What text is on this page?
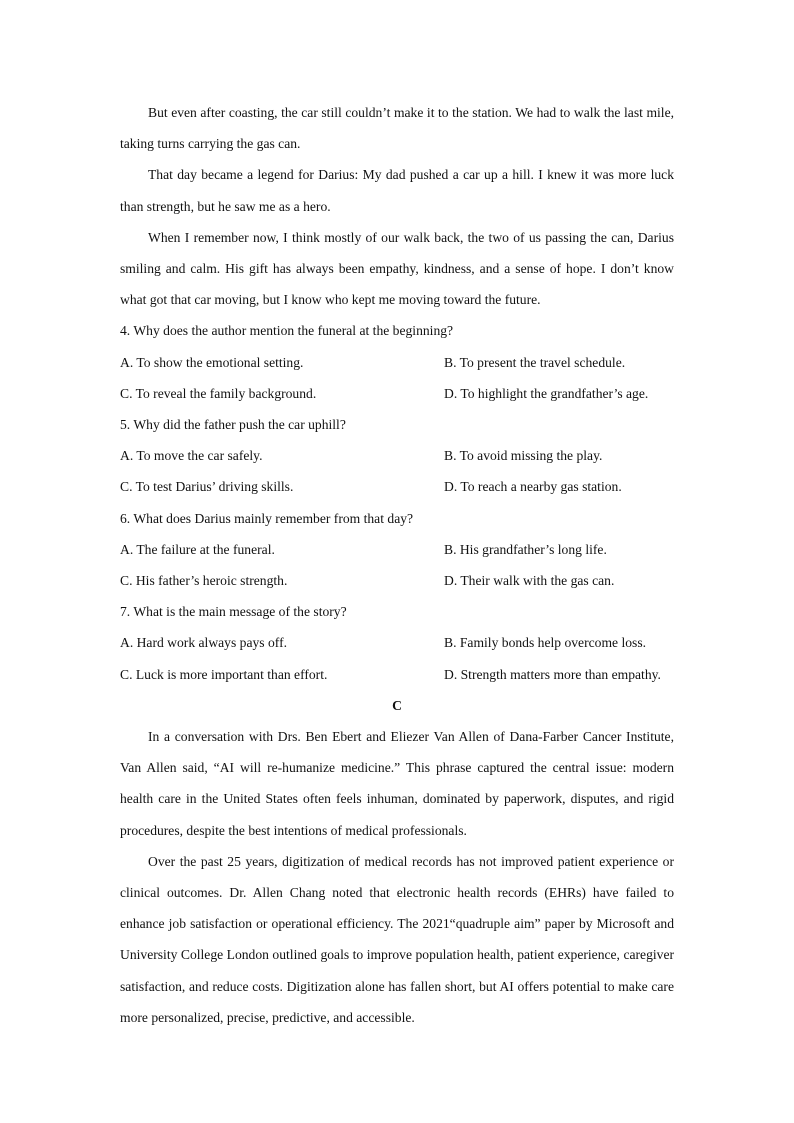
But even after coasting, the car still couldn’t make it to the station. We had to walk the last mile, taking turns carrying the gas can.

That day became a legend for Darius: My dad pushed a car up a hill. I knew it was more luck than strength, but he saw me as a hero.

When I remember now, I think mostly of our walk back, the two of us passing the can, Darius smiling and calm. His gift has always been empathy, kindness, and a sense of hope. I don’t know what got that car moving, but I know who kept me moving toward the future.

4. Why does the author mention the funeral at the beginning?

A. To show the emotional setting.	B. To present the travel schedule.

C. To reveal the family background.	D. To highlight the grandfather’s age.

5. Why did the father push the car uphill?

A. To move the car safely.	B. To avoid missing the play.

C. To test Darius’ driving skills.	D. To reach a nearby gas station.

6. What does Darius mainly remember from that day?

A. The failure at the funeral.	B. His grandfather’s long life.

C. His father’s heroic strength.	D. Their walk with the gas can.

7. What is the main message of the story?

A. Hard work always pays off.	B. Family bonds help overcome loss.

C. Luck is more important than effort.	D. Strength matters more than empathy.

C

In a conversation with Drs. Ben Ebert and Eliezer Van Allen of Dana-Farber Cancer Institute, Van Allen said, “AI will re-humanize medicine.” This phrase captured the central issue: modern health care in the United States often feels inhuman, dominated by paperwork, disputes, and rigid procedures, despite the best intentions of medical professionals.

Over the past 25 years, digitization of medical records has not improved patient experience or clinical outcomes. Dr. Allen Chang noted that electronic health records (EHRs) have failed to enhance job satisfaction or operational efficiency. The 2021“quadruple aim” paper by Microsoft and University College London outlined goals to improve population health, patient experience, caregiver satisfaction, and reduce costs. Digitization alone has fallen short, but AI offers potential to make care more personalized, precise, predictive, and accessible.
